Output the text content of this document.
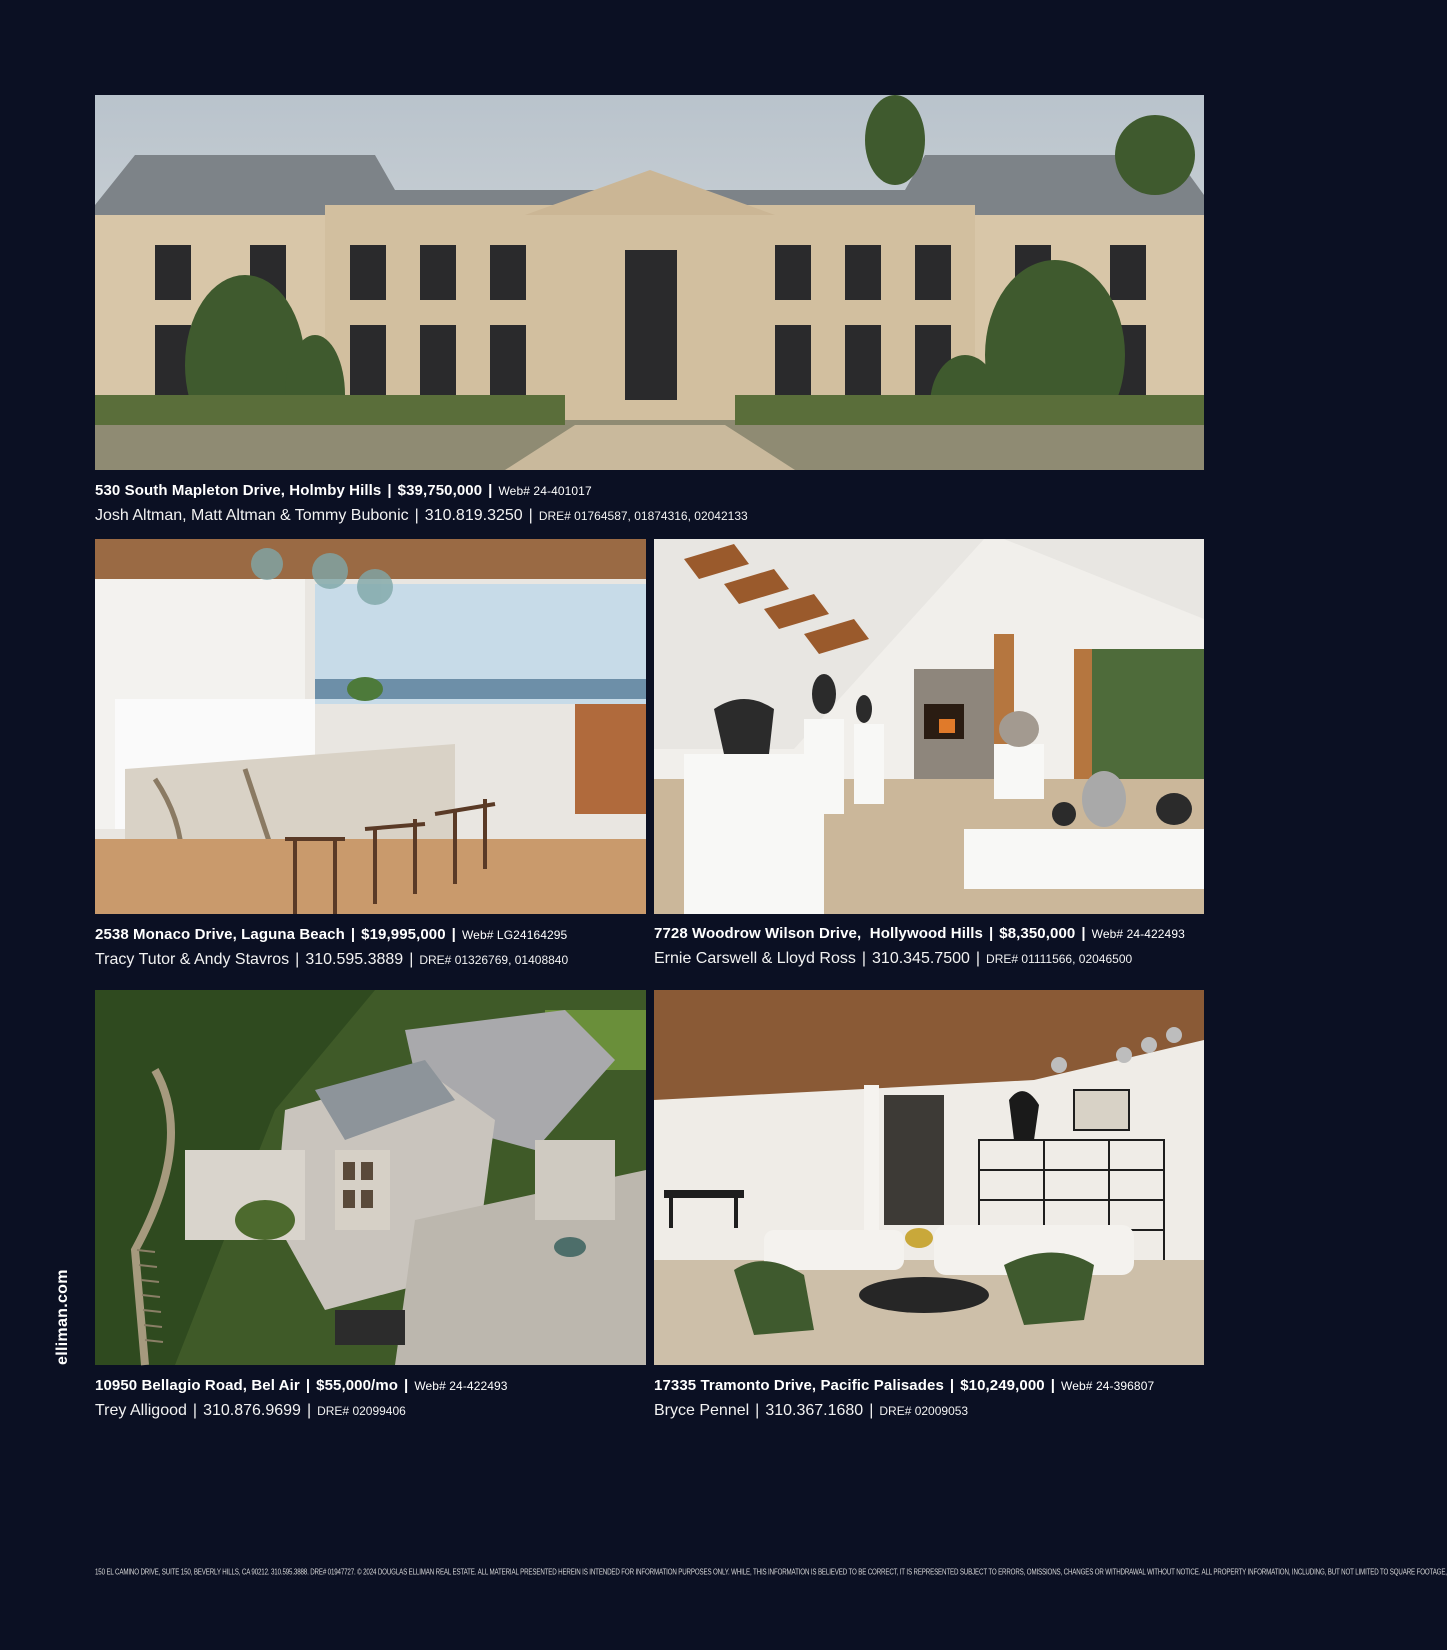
530 South Mapleton Drive, Holmby Hills | $39,750,000 | Web# 24-401017
Josh Altman, Matt Altman & Tommy Bubonic | 310.819.3250 | DRE# 01764587, 01874316, 02042133
2538 Monaco Drive, Laguna Beach | $19,995,000 | Web# LG24164295
Tracy Tutor & Andy Stavros | 310.595.3889 | DRE# 01326769, 01408840
7728 Woodrow Wilson Drive,  Hollywood Hills | $8,350,000 | Web# 24-422493
Ernie Carswell & Lloyd Ross | 310.345.7500 | DRE# 01111566, 02046500
10950 Bellagio Road, Bel Air | $55,000/mo | Web# 24-422493
Trey Alligood | 310.876.9699 | DRE# 02099406
17335 Tramonto Drive, Pacific Palisades | $10,249,000 | Web# 24-396807
Bryce Pennel | 310.367.1680 | DRE# 02009053
elliman.com
150 EL CAMINO DRIVE, SUITE 150, BEVERLY HILLS, CA 90212. 310.595.3888. DRE# 01947727. © 2024 DOUGLAS ELLIMAN REAL ESTATE. ALL MATERIAL PRESENTED HEREIN IS INTENDED FOR INFORMATION PURPOSES ONLY. WHILE, THIS INFORMATION IS BELIEVED TO BE CORRECT, IT IS REPRESENTED SUBJECT TO ERRORS, OMISSIONS, CHANGES OR WITHDRAWAL WITHOUT NOTICE. ALL PROPERTY INFORMATION, INCLUDING, BUT NOT LIMITED TO SQUARE FOOTAGE,
